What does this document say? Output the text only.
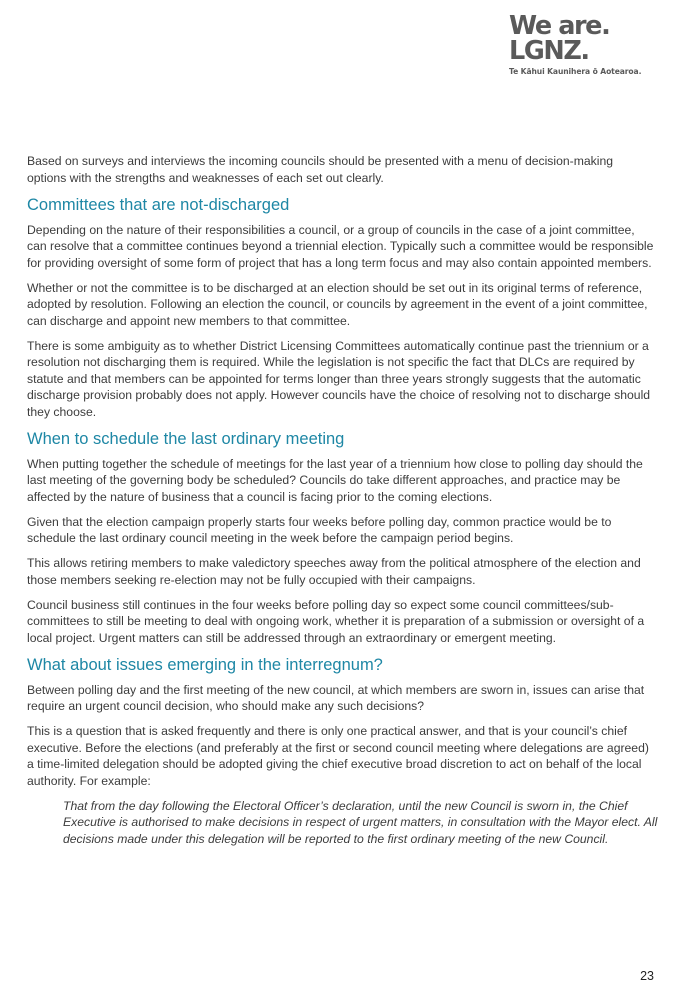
We are.
LGNZ.
Te Kāhui Kaunihera ō Aotearoa.

Based on surveys and interviews the incoming councils should be presented with a menu of decision-making options with the strengths and weaknesses of each set out clearly.

Committees that are not-discharged

Depending on the nature of their responsibilities a council, or a group of councils in the case of a joint committee, can resolve that a committee continues beyond a triennial election. Typically such a committee would be responsible for providing oversight of some form of project that has a long term focus and may also contain appointed members.

Whether or not the committee is to be discharged at an election should be set out in its original terms of reference, adopted by resolution. Following an election the council, or councils by agreement in the event of a joint committee, can discharge and appoint new members to that committee.

There is some ambiguity as to whether District Licensing Committees automatically continue past the triennium or a resolution not discharging them is required. While the legislation is not specific the fact that DLCs are required by statute and that members can be appointed for terms longer than three years strongly suggests that the automatic discharge provision probably does not apply. However councils have the choice of resolving not to discharge should they choose.

When to schedule the last ordinary meeting

When putting together the schedule of meetings for the last year of a triennium how close to polling day should the last meeting of the governing body be scheduled? Councils do take different approaches, and practice may be affected by the nature of business that a council is facing prior to the coming elections.

Given that the election campaign properly starts four weeks before polling day, common practice would be to schedule the last ordinary council meeting in the week before the campaign period begins.

This allows retiring members to make valedictory speeches away from the political atmosphere of the election and those members seeking re-election may not be fully occupied with their campaigns.

Council business still continues in the four weeks before polling day so expect some council committees/sub-committees to still be meeting to deal with ongoing work, whether it is preparation of a submission or oversight of a local project. Urgent matters can still be addressed through an extraordinary or emergent meeting.

What about issues emerging in the interregnum?

Between polling day and the first meeting of the new council, at which members are sworn in, issues can arise that require an urgent council decision, who should make any such decisions?

This is a question that is asked frequently and there is only one practical answer, and that is your council’s chief executive. Before the elections (and preferably at the first or second council meeting where delegations are agreed) a time-limited delegation should be adopted giving the chief executive broad discretion to act on behalf of the local authority. For example:

That from the day following the Electoral Officer’s declaration, until the new Council is sworn in, the Chief Executive is authorised to make decisions in respect of urgent matters, in consultation with the Mayor elect. All decisions made under this delegation will be reported to the first ordinary meeting of the new Council.

23
